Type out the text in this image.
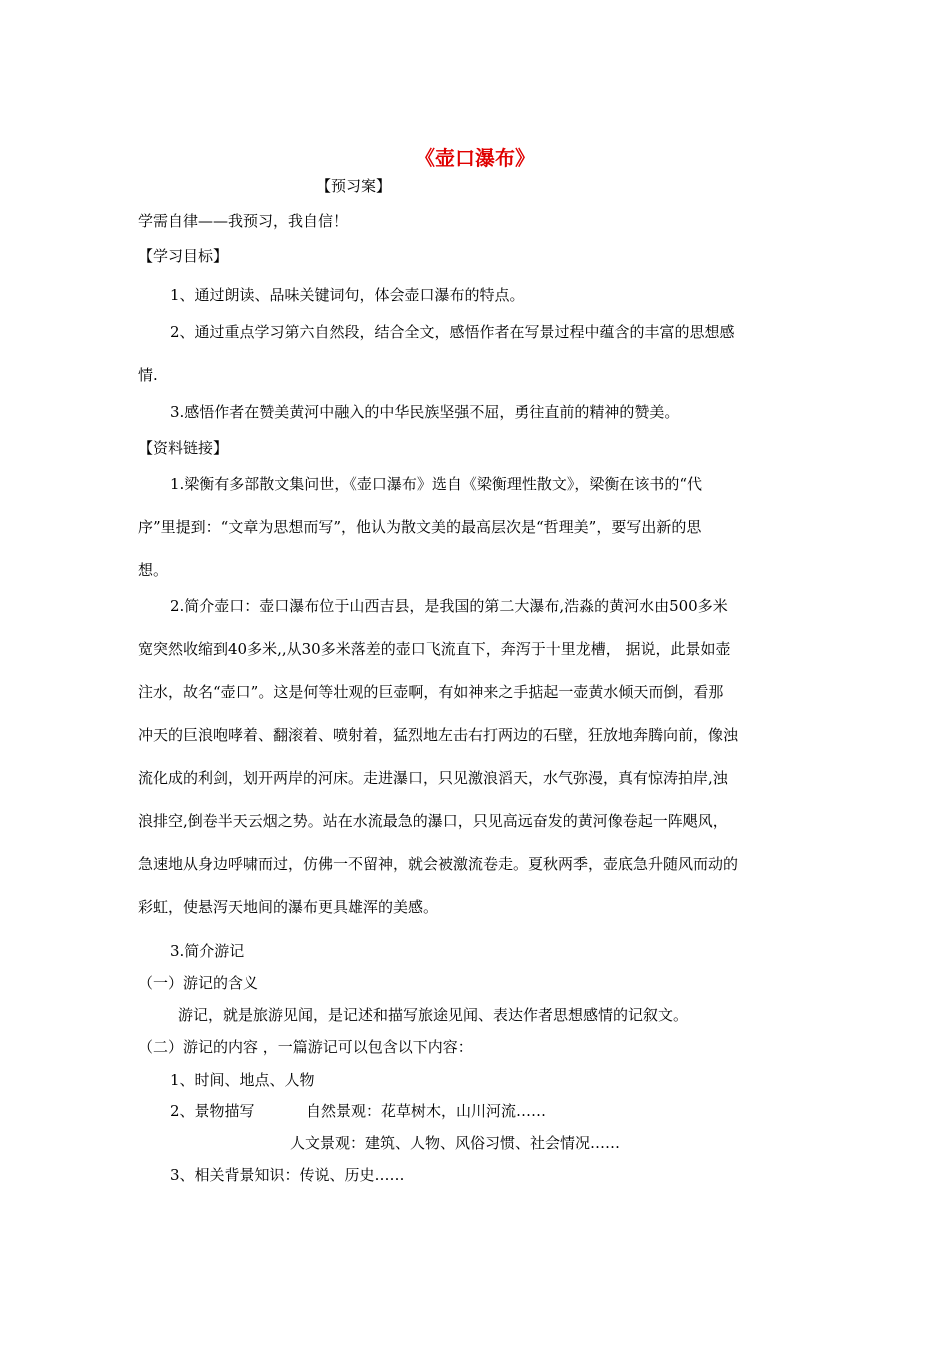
《壶口瀑布》
【预习案】
学需自律——我预习，我自信！
【学习目标】
1、通过朗读、品味关键词句，体会壶口瀑布的特点。
2、通过重点学习第六自然段，结合全文，感悟作者在写景过程中蕴含的丰富的思想感
情.
3.感悟作者在赞美黄河中融入的中华民族坚强不屈，勇往直前的精神的赞美。
【资料链接】
1.梁衡有多部散文集问世，《壶口瀑布》选自《梁衡理性散文》，梁衡在该书的“代
序”里提到：“文章为思想而写”，他认为散文美的最高层次是“哲理美”，要写出新的思
想。
2.简介壶口：壶口瀑布位于山西吉县，是我国的第二大瀑布,浩淼的黄河水由500多米
宽突然收缩到40多米,,从30多米落差的壶口飞流直下，奔泻于十里龙槽， 据说，此景如壶
注水，故名“壶口”。这是何等壮观的巨壶啊，有如神来之手掂起一壶黄水倾天而倒，看那
冲天的巨浪咆哮着、翻滚着、喷射着，猛烈地左击右打两边的石壁，狂放地奔腾向前，像浊
流化成的利剑，划开两岸的河床。走进瀑口，只见激浪滔天，水气弥漫，真有惊涛拍岸,浊
浪排空,倒卷半天云烟之势。站在水流最急的瀑口，只见高远奋发的黄河像卷起一阵飓风，
急速地从身边呼啸而过，仿佛一不留神，就会被激流卷走。夏秋两季，壶底急升随风而动的
彩虹，使悬泻天地间的瀑布更具雄浑的美感。
3.简介游记
（一）游记的含义
游记，就是旅游见闻，是记述和描写旅途见闻、表达作者思想感情的记叙文。
（二）游记的内容 ，一篇游记可以包含以下内容：
1、时间、地点、人物
2、景物描写	自然景观：花草树木，山川河流……
人文景观：建筑、人物、风俗习惯、社会情况……
3、相关背景知识：传说、历史……
